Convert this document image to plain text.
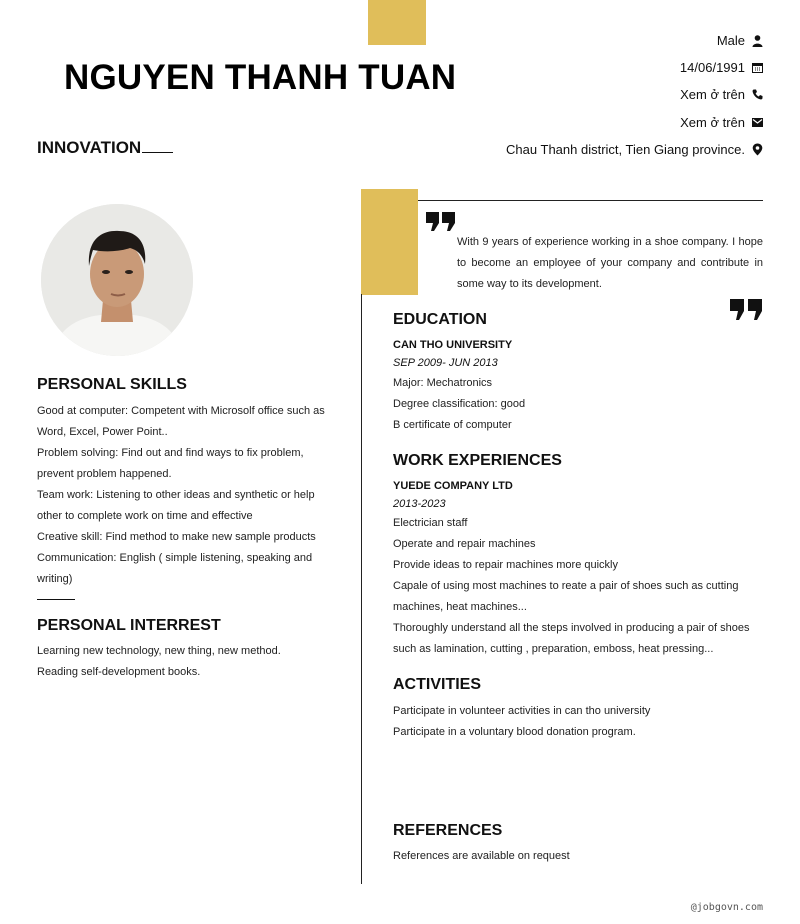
NGUYEN THANH TUAN
INNOVATION
Male
14/06/1991
Xem ở trên
Xem ở trên
Chau Thanh district, Tien Giang province.
With 9 years of experience working in a shoe company. I hope to become an employee of your company and contribute in some way to its development.
PERSONAL SKILLS
Good at computer: Competent with Microsolf office such as Word, Excel, Power Point..
Problem solving: Find out and find ways to fix problem, prevent problem happened.
Team work: Listening to other ideas and synthetic or help other to complete work on time and effective
Creative skill: Find method to make new sample products
Communication: English ( simple listening, speaking and writing)
PERSONAL INTERREST
Learning new technology, new thing, new method.
Reading self-development books.
EDUCATION
CAN THO UNIVERSITY
SEP 2009- JUN 2013
Major: Mechatronics
Degree classification: good
B certificate of computer
WORK EXPERIENCES
YUEDE COMPANY LTD
2013-2023
Electrician staff
Operate and repair machines
Provide ideas to repair machines more quickly
Capale of using most machines to reate a pair of shoes such as cutting machines, heat machines...
Thoroughly understand all the steps involved in producing a pair of shoes such as lamination, cutting , preparation, emboss, heat pressing...
ACTIVITIES
Participate in volunteer activities in can tho university
Participate in a voluntary blood donation program.
REFERENCES
References are available on request
@jobgovn.com
